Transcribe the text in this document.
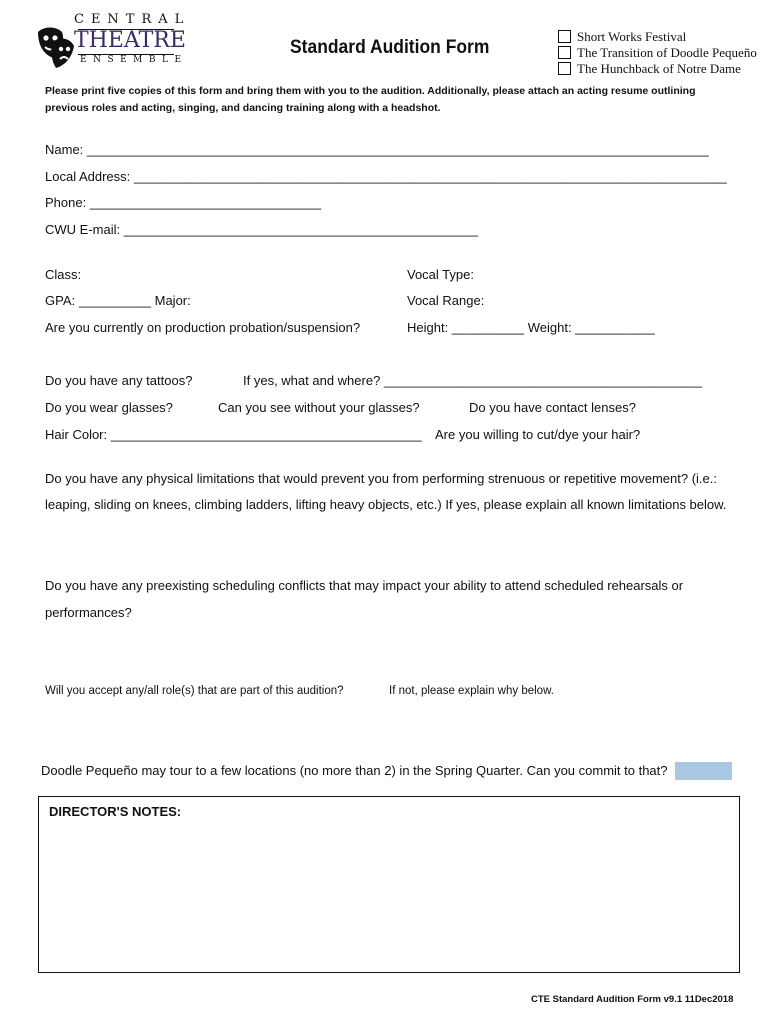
CENTRAL
THEATRE
ENSEMBLE
Standard Audition Form
Short Works Festival
The Transition of Doodle Pequeño
The Hunchback of Notre Dame
Please print five copies of this form and bring them with you to the audition. Additionally, please attach an acting resume outlining previous roles and acting, singing, and dancing training along with a headshot.
Name: ______________________________________________________________________________________
Local Address: __________________________________________________________________________________
Phone: ________________________________
CWU E-mail: _________________________________________________
Class:	Vocal Type:
GPA: __________ Major:	Vocal Range:
Are you currently on production probation/suspension?	Height: __________ Weight: ___________
Do you have any tattoos?	If yes, what and where? ____________________________________________
Do you wear glasses?	Can you see without your glasses?	Do you have contact lenses?
Hair Color: ___________________________________________ Are you willing to cut/dye your hair?
Do you have any physical limitations that would prevent you from performing strenuous or repetitive movement? (i.e.:
leaping, sliding on knees, climbing ladders, lifting heavy objects, etc.) If yes, please explain all known limitations below.
Do you have any preexisting scheduling conflicts that may impact your ability to attend scheduled rehearsals or
performances?
Will you accept any/all role(s) that are part of this audition?	If not, please explain why below.
Doodle Pequeño may tour to a few locations (no more than 2) in the Spring Quarter. Can you commit to that?
DIRECTOR'S NOTES:
CTE Standard Audition Form v9.1 11Dec2018
